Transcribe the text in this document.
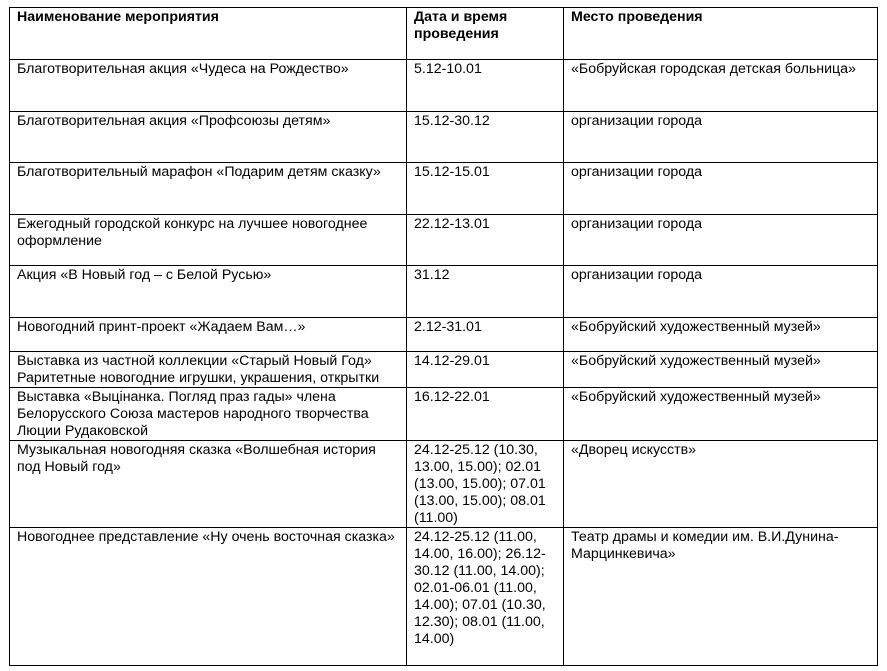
Наименование мероприятия	Дата и время проведения	Место проведения
Благотворительная акция «Чудеса на Рождество»	5.12-10.01	«Бобруйская городская детская больница»
Благотворительная акция «Профсоюзы детям»	15.12-30.12	организации города
Благотворительный марафон «Подарим детям сказку»	15.12-15.01	организации города
Ежегодный городской конкурс на лучшее новогоднее оформление	22.12-13.01	организации города
Акция «В Новый год – с Белой Русью»	31.12	организации города
Новогодний принт-проект «Жадаем Вам…»	2.12-31.01	«Бобруйский художественный музей»
Выставка из частной коллекции «Старый Новый Год» Раритетные новогодние игрушки, украшения, открытки	14.12-29.01	«Бобруйский художественный музей»
Выставка «Выцінанка. Погляд праз гады» члена Белорусского Союза мастеров народного творчества Люции Рудаковской	16.12-22.01	«Бобруйский художественный музей»
Музыкальная новогодняя сказка «Волшебная история под Новый год»	24.12-25.12 (10.30, 13.00, 15.00); 02.01 (13.00, 15.00); 07.01 (13.00, 15.00); 08.01 (11.00)	«Дворец искусств»
Новогоднее представление «Ну очень восточная сказка»	24.12-25.12 (11.00, 14.00, 16.00); 26.12-30.12 (11.00, 14.00); 02.01-06.01 (11.00, 14.00); 07.01 (10.30, 12.30); 08.01 (11.00, 14.00)	Театр драмы и комедии им. В.И.Дунина-Марцинкевича»
